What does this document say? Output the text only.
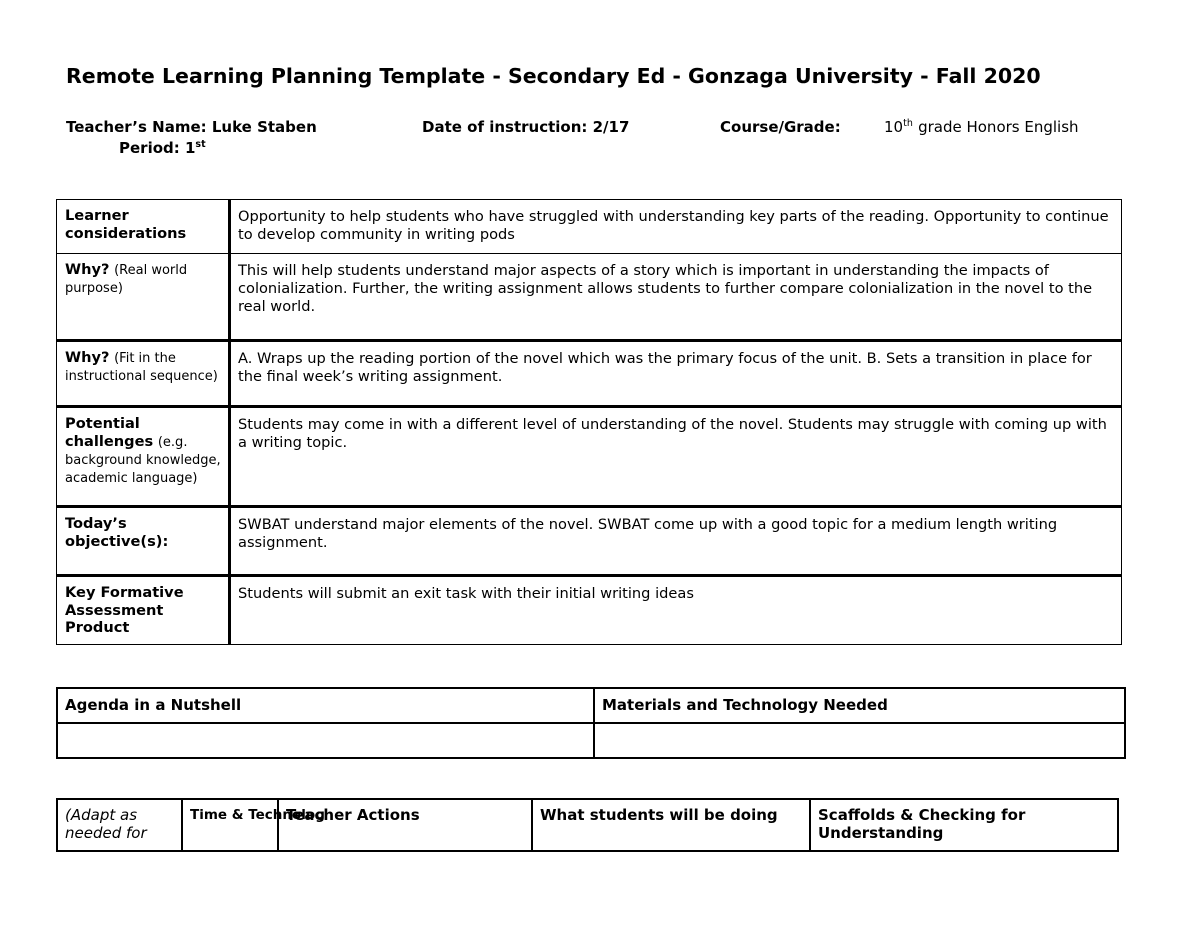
Remote Learning Planning Template - Secondary Ed - Gonzaga University - Fall 2020
Teacher’s Name: Luke Staben	Date of instruction: 2/17	Course/Grade:	10th grade Honors English
Period: 1st
Learner considerations	Opportunity to help students who have struggled with understanding key parts of the reading. Opportunity to continue to develop community in writing pods
Why? (Real world purpose)	This will help students understand major aspects of a story which is important in understanding the impacts of colonialization. Further, the writing assignment allows students to further compare colonialization in the novel to the real world.
Why? (Fit in the instructional sequence)	A. Wraps up the reading portion of the novel which was the primary focus of the unit. B. Sets a transition in place for the final week’s writing assignment.
Potential challenges (e.g. background knowledge, academic language)	Students may come in with a different level of understanding of the novel. Students may struggle with coming up with a writing topic.
Today’s objective(s):	SWBAT understand major elements of the novel. SWBAT come up with a good topic for a medium length writing assignment.
Key Formative Assessment Product	Students will submit an exit task with their initial writing ideas
Agenda in a Nutshell	Materials and Technology Needed

(Adapt as needed for	Time & Technolog	Teacher Actions	What students will be doing	Scaffolds & Checking for Understanding
